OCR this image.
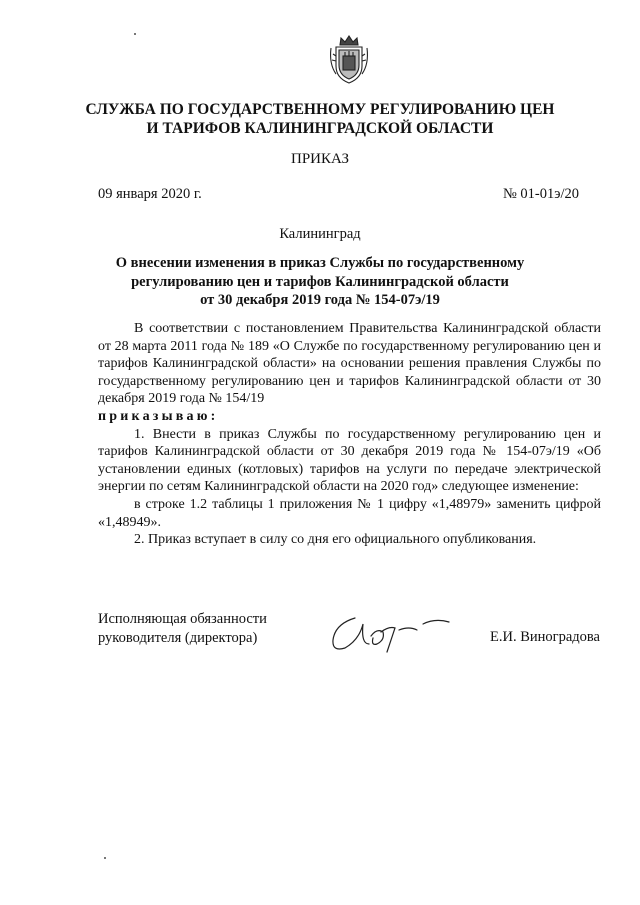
СЛУЖБА ПО ГОСУДАРСТВЕННОМУ РЕГУЛИРОВАНИЮ ЦЕН
И ТАРИФОВ КАЛИНИНГРАДСКОЙ ОБЛАСТИ
ПРИКАЗ
09 января 2020 г.	№ 01-01э/20
Калининград
О внесении изменения в приказ Службы по государственному
регулированию цен и тарифов Калининградской области
от 30 декабря 2019 года № 154-07э/19

В соответствии с постановлением Правительства Калининградской области от 28 марта 2011 года № 189 «О Службе по государственному регулированию цен и тарифов Калининградской области» на основании решения правления Службы по государственному регулированию цен и тарифов Калининградской области от 30 декабря 2019 года № 154/19

приказываю:

1. Внести в приказ Службы по государственному регулированию цен и тарифов Калининградской области от 30 декабря 2019 года № 154-07э/19 «Об установлении единых (котловых) тарифов на услуги по передаче электрической энергии по сетям Калининградской области на 2020 год» следующее изменение:

в строке 1.2 таблицы 1 приложения № 1 цифру «1,48979» заменить цифрой «1,48949».

2. Приказ вступает в силу со дня его официального опубликования.

Исполняющая обязанности
руководителя (директора)	Е.И. Виноградова
